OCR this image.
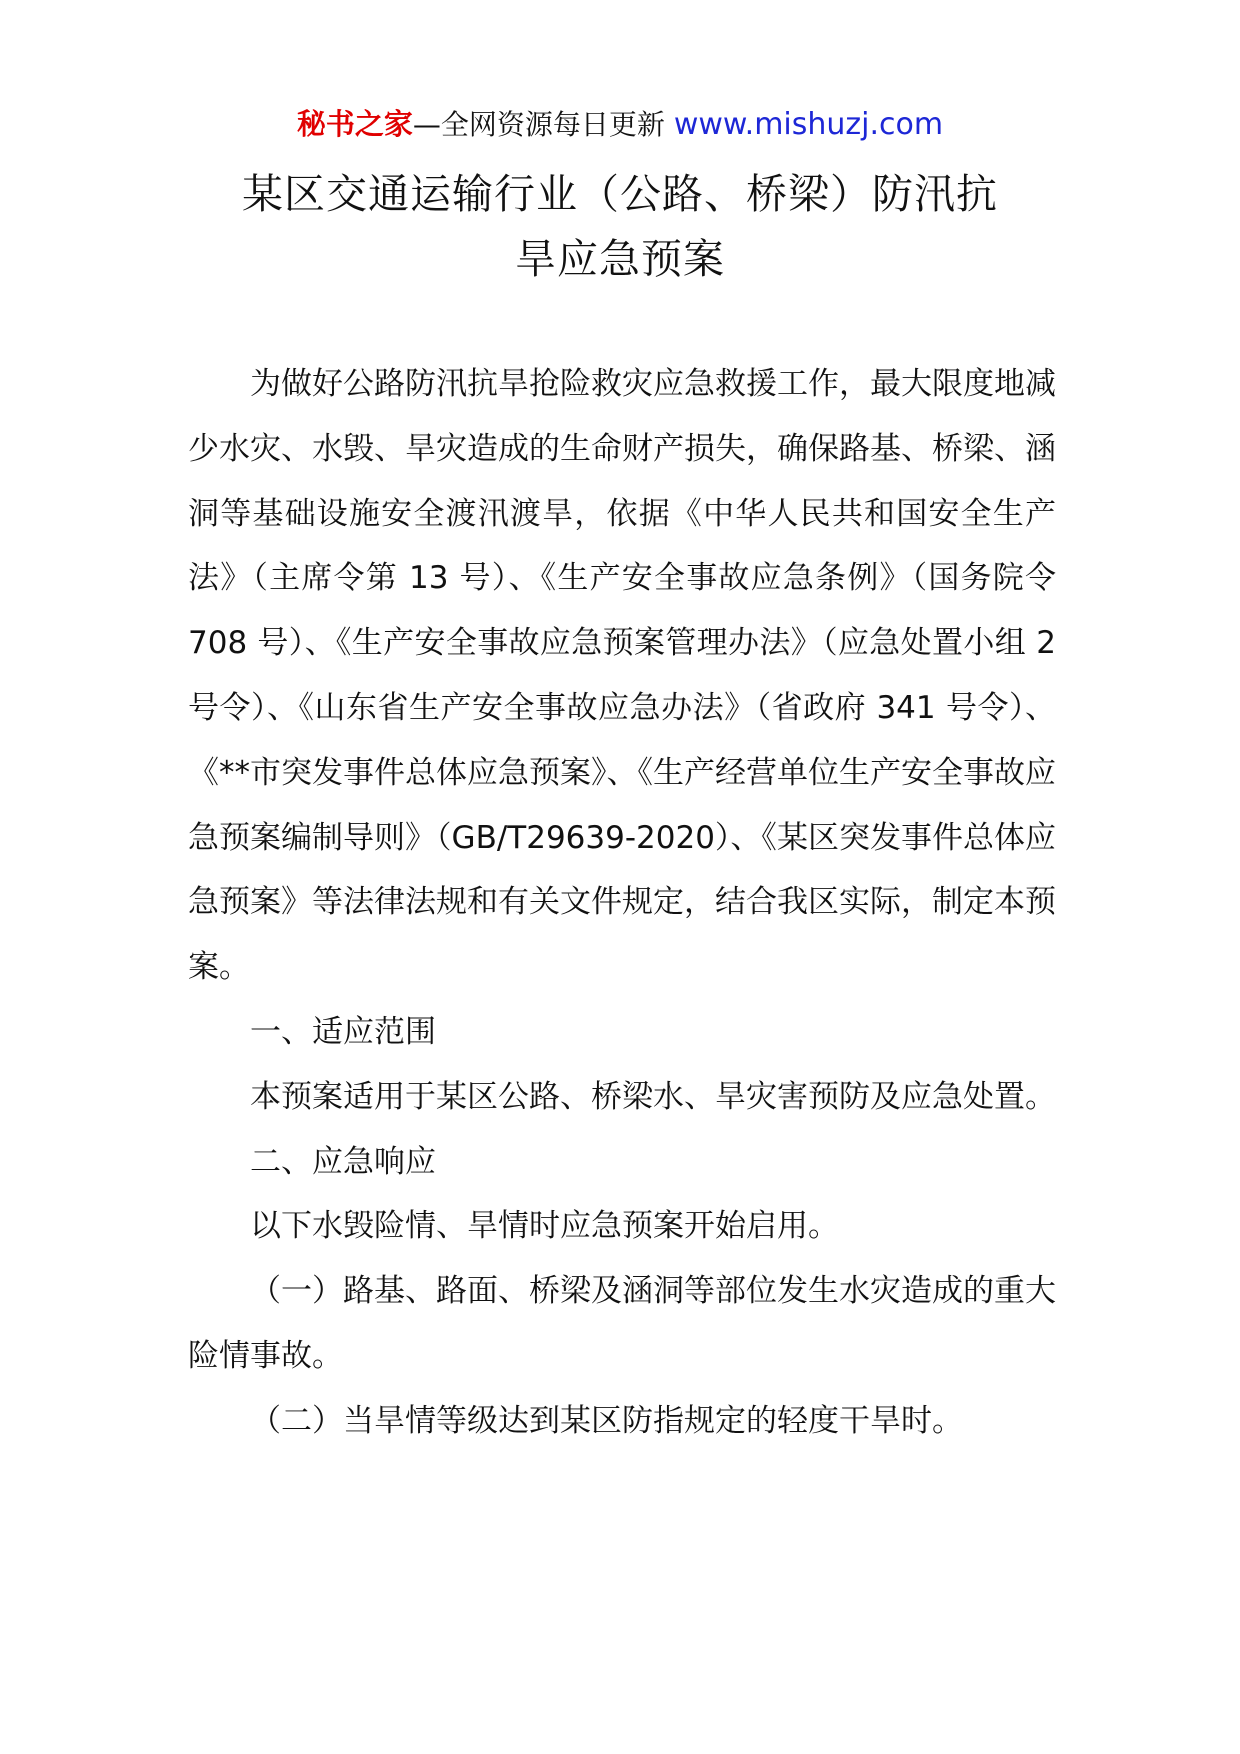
秘书之家—全网资源每日更新 www.mishuzj.com
某区交通运输行业（公路、桥梁）防汛抗
旱应急预案

为做好公路防汛抗旱抢险救灾应急救援工作，最大限度地减少水灾、水毁、旱灾造成的生命财产损失，确保路基、桥梁、涵洞等基础设施安全渡汛渡旱，依据《中华人民共和国安全生产法》（主席令第 13 号）、《生产安全事故应急条例》（国务院令 708 号）、《生产安全事故应急预案管理办法》（应急处置小组 2 号令）、《山东省生产安全事故应急办法》（省政府 341 号令）、《**市突发事件总体应急预案》、《生产经营单位生产安全事故应急预案编制导则》（GB/T29639-2020）、《某区突发事件总体应急预案》等法律法规和有关文件规定，结合我区实际，制定本预案。

一、适应范围

本预案适用于某区公路、桥梁水、旱灾害预防及应急处置。

二、应急响应

以下水毁险情、旱情时应急预案开始启用。

（一）路基、路面、桥梁及涵洞等部位发生水灾造成的重大险情事故。

（二）当旱情等级达到某区防指规定的轻度干旱时。
